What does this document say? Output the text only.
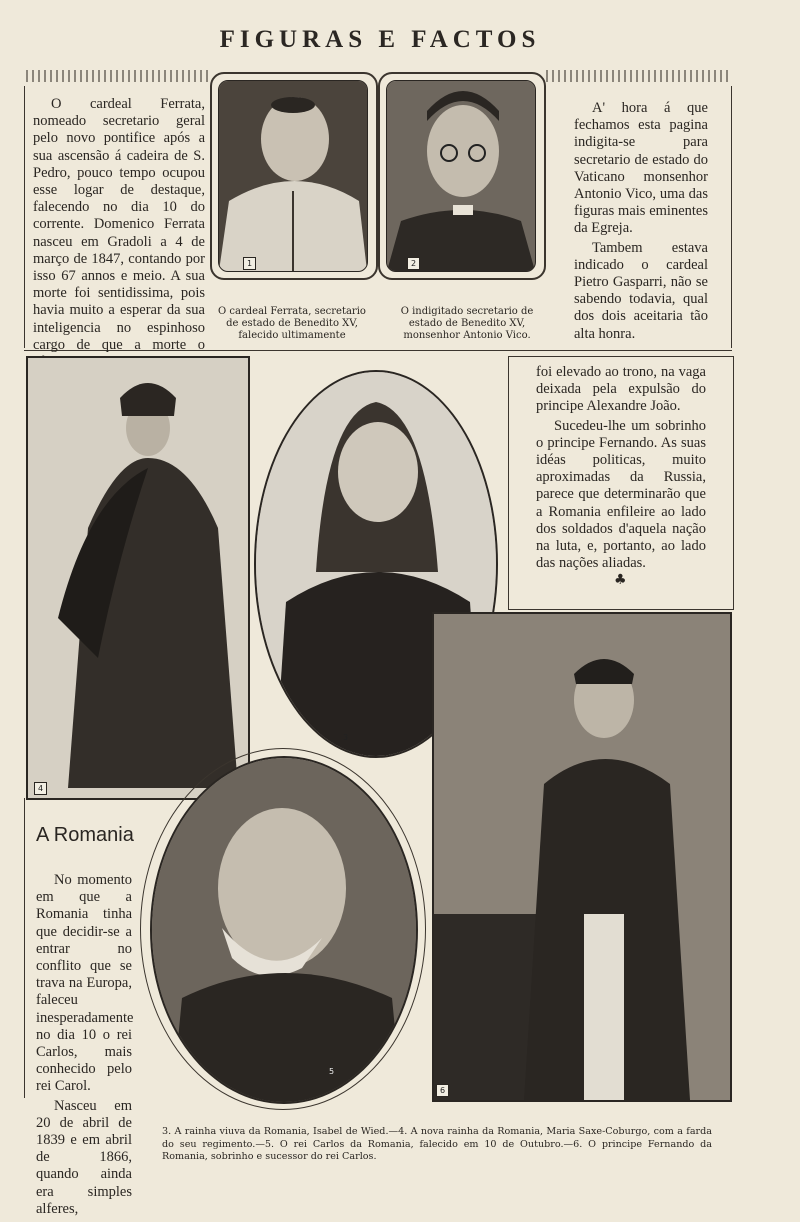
FIGURAS E FACTOS

O cardeal Ferrata, nomeado secretario geral pelo novo pontifice após a sua ascensão á cadeira de S. Pedro, pouco tempo ocupou esse logar de destaque, falecendo no dia 10 do corrente. Domenico Ferrata nasceu em Gradoli a 4 de março de 1847, contando por isso 67 annos e meio. A sua morte foi sentidissima, pois havia muito a esperar da sua inteligencia no espinhoso cargo de que a morte o

1
O cardeal Ferrata, secretario de estado de Benedito XV, falecido ultimamente
2
O indigitado secretario de estado de Benedito XV, monsenhor Antonio Vico.

A' hora á que fechamos esta pagina indigita-se para secretario de estado do Vaticano monsenhor Antonio Vico, uma das figuras mais eminentes da Egreja.

Tambem estava indicado o cardeal Pietro Gasparri, não se sabendo todavia, qual dos dois aceitaria tão alta honra.

4
3

foi elevado ao trono, na vaga deixada pela expulsão do principe Alexandre João.

Sucedeu-lhe um sobrinho o principe Fernando. As suas idéas politicas, muito aproximadas da Russia, parece que determinarão que a Romania enfileire ao lado dos soldados d'aquela nação na luta, e, portanto, ao lado das nações aliadas.

♣
6
5
A Romania

No momento em que a Romania tinha que decidir-se a entrar no conflito que se trava na Europa, faleceu inesperadamente no dia 10 o rei Carlos, mais conhecido pelo rei Carol.

Nasceu em 20 de abril de 1839 e em abril de 1866, quando ainda era simples alferes,

3. A rainha viuva da Romania, Isabel de Wied.—4. A nova rainha da Romania, Maria Saxe-Coburgo, com a farda do seu regimento.—5. O rei Carlos da Romania, falecido em 10 de Outubro.—6. O principe Fernando da Romania, sobrinho e sucessor do rei Carlos.
